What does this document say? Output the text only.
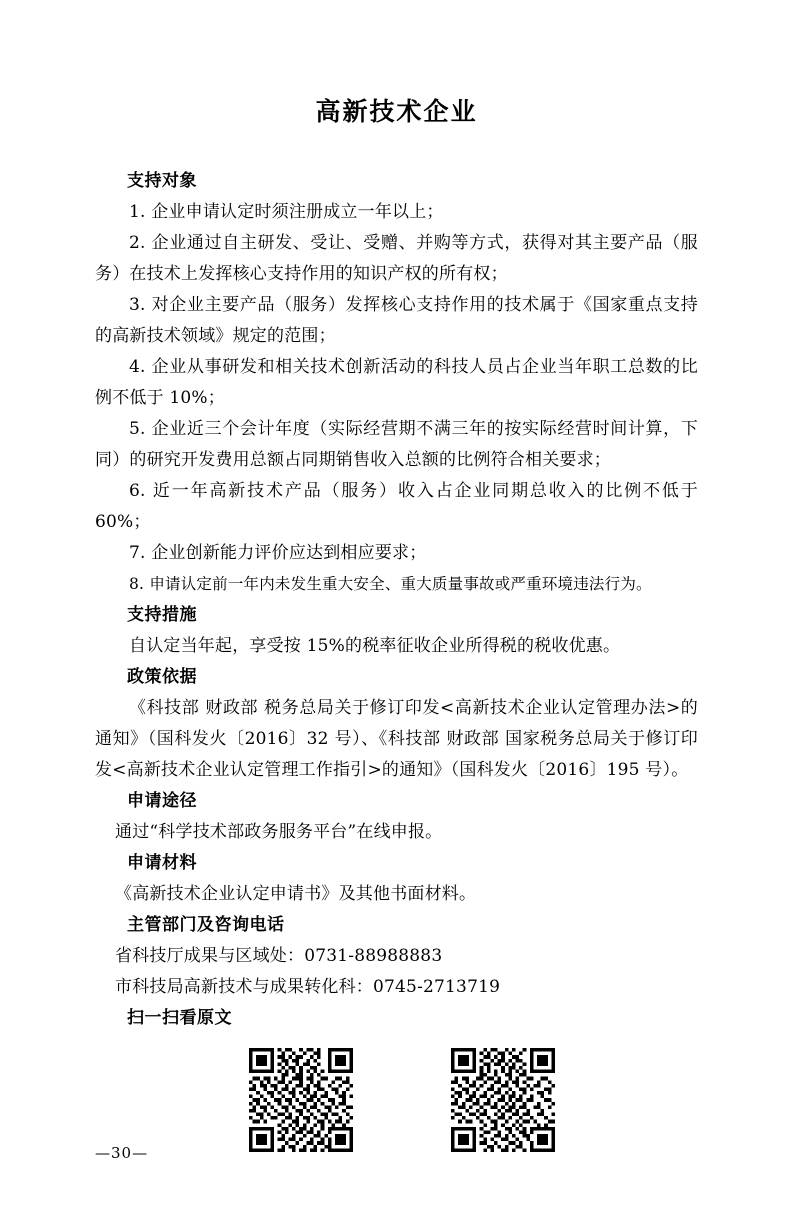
高新技术企业
支持对象

1. 企业申请认定时须注册成立一年以上；

2. 企业通过自主研发、受让、受赠、并购等方式，获得对其主要产品（服务）在技术上发挥核心支持作用的知识产权的所有权；

3. 对企业主要产品（服务）发挥核心支持作用的技术属于《国家重点支持的高新技术领域》规定的范围；

4. 企业从事研发和相关技术创新活动的科技人员占企业当年职工总数的比例不低于 10%；

5. 企业近三个会计年度（实际经营期不满三年的按实际经营时间计算，下同）的研究开发费用总额占同期销售收入总额的比例符合相关要求；

6. 近一年高新技术产品（服务）收入占企业同期总收入的比例不低于 60%；

7. 企业创新能力评价应达到相应要求；

8. 申请认定前一年内未发生重大安全、重大质量事故或严重环境违法行为。

支持措施

自认定当年起，享受按 15%的税率征收企业所得税的税收优惠。

政策依据

《科技部 财政部 税务总局关于修订印发<高新技术企业认定管理办法>的通知》（国科发火〔2016〕32 号）、《科技部 财政部 国家税务总局关于修订印发<高新技术企业认定管理工作指引>的通知》（国科发火〔2016〕195 号）。

申请途径

通过“科学技术部政务服务平台”在线申报。

申请材料

《高新技术企业认定申请书》及其他书面材料。

主管部门及咨询电话

省科技厅成果与区域处：0731-88988883

市科技局高新技术与成果转化科：0745-2713719

扫一扫看原文
—30—
